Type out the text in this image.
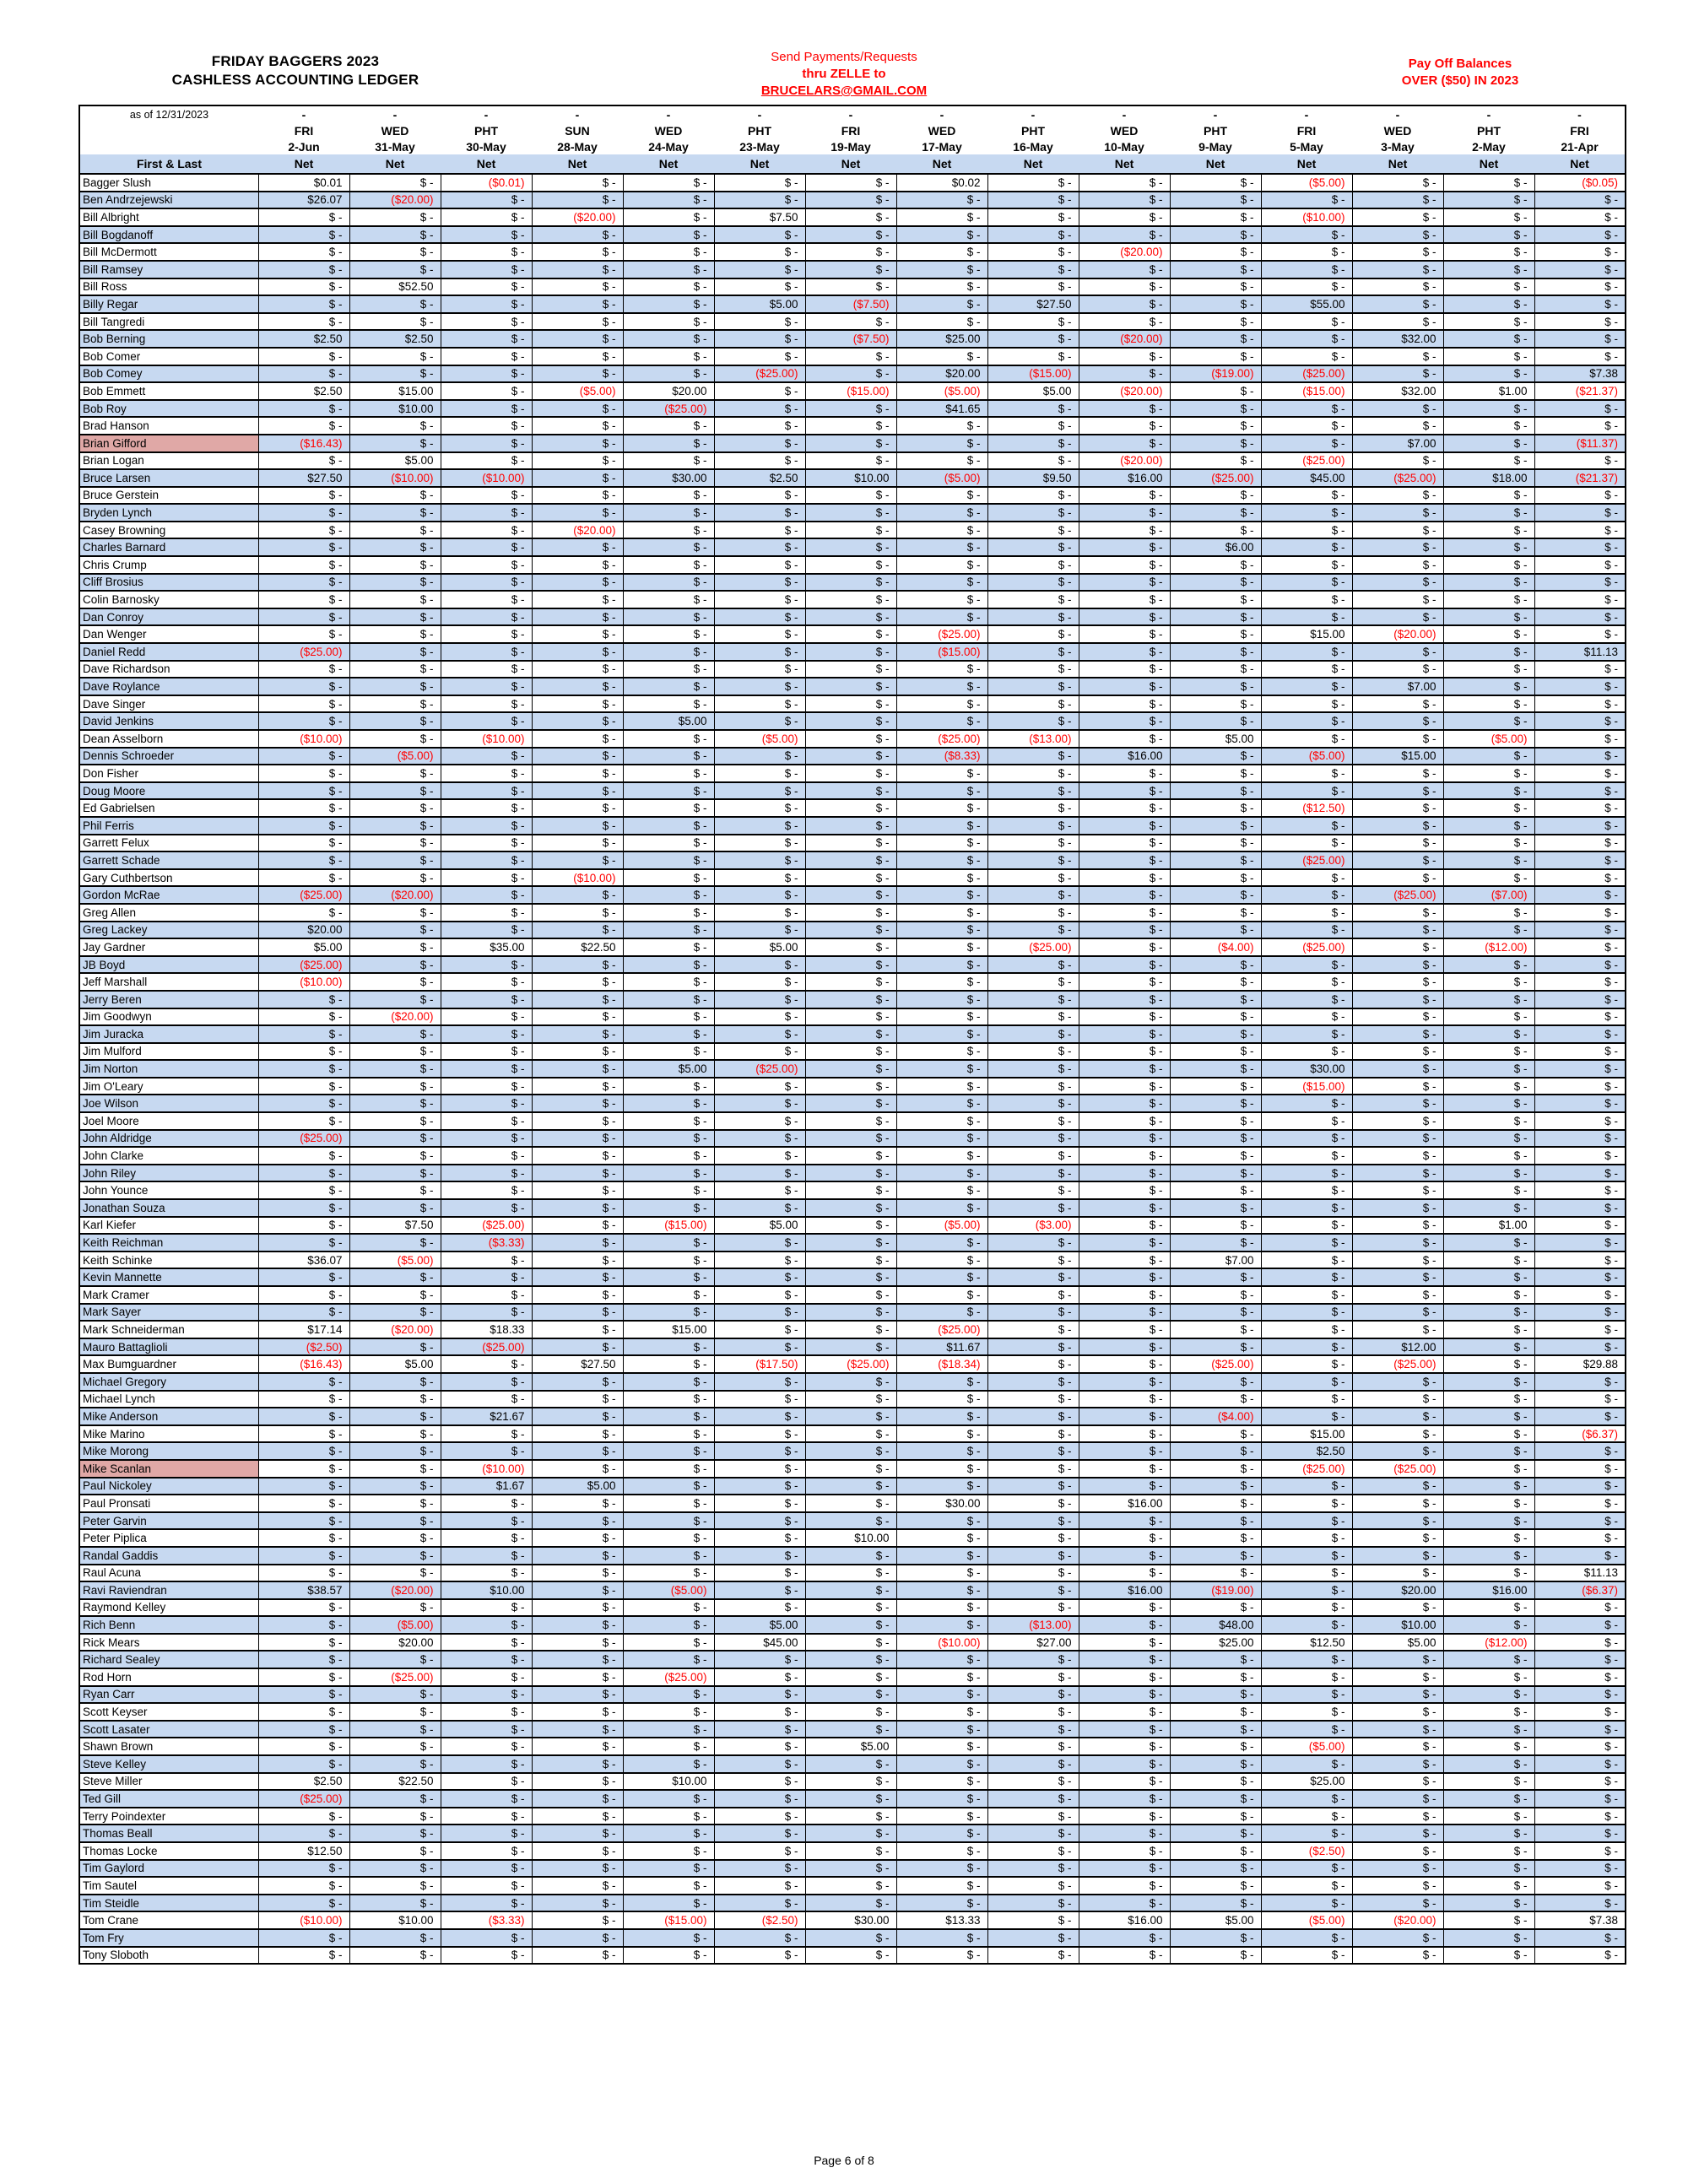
FRIDAY BAGGERS 2023
CASHLESS ACCOUNTING LEDGER
Send Payments/Requests
thru ZELLE to
BRUCELARS@GMAIL.COM
Pay Off Balances
OVER ($50) IN 2023
as of 12/31/2023	-	-	-	-	-	-	-	-	-	-	-	-	-	-	-
	FRI	WED	PHT	SUN	WED	PHT	FRI	WED	PHT	WED	PHT	FRI	WED	PHT	FRI
	2-Jun	31-May	30-May	28-May	24-May	23-May	19-May	17-May	16-May	10-May	9-May	5-May	3-May	2-May	21-Apr
First & Last	Net	Net	Net	Net	Net	Net	Net	Net	Net	Net	Net	Net	Net	Net	Net
Bagger Slush	$0.01	$ -	($0.01)	$ -	$ -	$ -	$ -	$0.02	$ -	$ -	$ -	($5.00)	$ -	$ -	($0.05)
Ben Andrzejewski	$26.07	($20.00)	$ -	$ -	$ -	$ -	$ -	$ -	$ -	$ -	$ -	$ -	$ -	$ -	$ -
Bill Albright	$ -	$ -	$ -	($20.00)	$ -	$7.50	$ -	$ -	$ -	$ -	$ -	($10.00)	$ -	$ -	$ -
Bill Bogdanoff	$ -	$ -	$ -	$ -	$ -	$ -	$ -	$ -	$ -	$ -	$ -	$ -	$ -	$ -	$ -
Bill McDermott	$ -	$ -	$ -	$ -	$ -	$ -	$ -	$ -	$ -	($20.00)	$ -	$ -	$ -	$ -	$ -
Bill Ramsey	$ -	$ -	$ -	$ -	$ -	$ -	$ -	$ -	$ -	$ -	$ -	$ -	$ -	$ -	$ -
Bill Ross	$ -	$52.50	$ -	$ -	$ -	$ -	$ -	$ -	$ -	$ -	$ -	$ -	$ -	$ -	$ -
Billy Regar	$ -	$ -	$ -	$ -	$ -	$5.00	($7.50)	$ -	$27.50	$ -	$ -	$55.00	$ -	$ -	$ -
Bill Tangredi	$ -	$ -	$ -	$ -	$ -	$ -	$ -	$ -	$ -	$ -	$ -	$ -	$ -	$ -	$ -
Bob Berning	$2.50	$2.50	$ -	$ -	$ -	$ -	($7.50)	$25.00	$ -	($20.00)	$ -	$ -	$32.00	$ -	$ -
Bob Comer	$ -	$ -	$ -	$ -	$ -	$ -	$ -	$ -	$ -	$ -	$ -	$ -	$ -	$ -	$ -
Bob Comey	$ -	$ -	$ -	$ -	$ -	($25.00)	$ -	$20.00	($15.00)	$ -	($19.00)	($25.00)	$ -	$ -	$7.38
Bob Emmett	$2.50	$15.00	$ -	($5.00)	$20.00	$ -	($15.00)	($5.00)	$5.00	($20.00)	$ -	($15.00)	$32.00	$1.00	($21.37)
Bob Roy	$ -	$10.00	$ -	$ -	($25.00)	$ -	$ -	$41.65	$ -	$ -	$ -	$ -	$ -	$ -	$ -
Brad Hanson	$ -	$ -	$ -	$ -	$ -	$ -	$ -	$ -	$ -	$ -	$ -	$ -	$ -	$ -	$ -
Brian Gifford	($16.43)	$ -	$ -	$ -	$ -	$ -	$ -	$ -	$ -	$ -	$ -	$ -	$7.00	$ -	($11.37)
Brian Logan	$ -	$5.00	$ -	$ -	$ -	$ -	$ -	$ -	$ -	($20.00)	$ -	($25.00)	$ -	$ -	$ -
Bruce Larsen	$27.50	($10.00)	($10.00)	$ -	$30.00	$2.50	$10.00	($5.00)	$9.50	$16.00	($25.00)	$45.00	($25.00)	$18.00	($21.37)
Bruce Gerstein	$ -	$ -	$ -	$ -	$ -	$ -	$ -	$ -	$ -	$ -	$ -	$ -	$ -	$ -	$ -
Bryden Lynch	$ -	$ -	$ -	$ -	$ -	$ -	$ -	$ -	$ -	$ -	$ -	$ -	$ -	$ -	$ -
Casey Browning	$ -	$ -	$ -	($20.00)	$ -	$ -	$ -	$ -	$ -	$ -	$ -	$ -	$ -	$ -	$ -
Charles Barnard	$ -	$ -	$ -	$ -	$ -	$ -	$ -	$ -	$ -	$ -	$6.00	$ -	$ -	$ -	$ -
Chris Crump	$ -	$ -	$ -	$ -	$ -	$ -	$ -	$ -	$ -	$ -	$ -	$ -	$ -	$ -	$ -
Cliff Brosius	$ -	$ -	$ -	$ -	$ -	$ -	$ -	$ -	$ -	$ -	$ -	$ -	$ -	$ -	$ -
Colin Barnosky	$ -	$ -	$ -	$ -	$ -	$ -	$ -	$ -	$ -	$ -	$ -	$ -	$ -	$ -	$ -
Dan Conroy	$ -	$ -	$ -	$ -	$ -	$ -	$ -	$ -	$ -	$ -	$ -	$ -	$ -	$ -	$ -
Dan Wenger	$ -	$ -	$ -	$ -	$ -	$ -	$ -	($25.00)	$ -	$ -	$ -	$15.00	($20.00)	$ -	$ -
Daniel Redd	($25.00)	$ -	$ -	$ -	$ -	$ -	$ -	($15.00)	$ -	$ -	$ -	$ -	$ -	$ -	$11.13
Dave Richardson	$ -	$ -	$ -	$ -	$ -	$ -	$ -	$ -	$ -	$ -	$ -	$ -	$ -	$ -	$ -
Dave Roylance	$ -	$ -	$ -	$ -	$ -	$ -	$ -	$ -	$ -	$ -	$ -	$ -	$7.00	$ -	$ -
Dave Singer	$ -	$ -	$ -	$ -	$ -	$ -	$ -	$ -	$ -	$ -	$ -	$ -	$ -	$ -	$ -
David Jenkins	$ -	$ -	$ -	$ -	$5.00	$ -	$ -	$ -	$ -	$ -	$ -	$ -	$ -	$ -	$ -
Dean Asselborn	($10.00)	$ -	($10.00)	$ -	$ -	($5.00)	$ -	($25.00)	($13.00)	$ -	$5.00	$ -	$ -	($5.00)	$ -
Dennis Schroeder	$ -	($5.00)	$ -	$ -	$ -	$ -	$ -	($8.33)	$ -	$16.00	$ -	($5.00)	$15.00	$ -	$ -
Don Fisher	$ -	$ -	$ -	$ -	$ -	$ -	$ -	$ -	$ -	$ -	$ -	$ -	$ -	$ -	$ -
Doug Moore	$ -	$ -	$ -	$ -	$ -	$ -	$ -	$ -	$ -	$ -	$ -	$ -	$ -	$ -	$ -
Ed Gabrielsen	$ -	$ -	$ -	$ -	$ -	$ -	$ -	$ -	$ -	$ -	$ -	($12.50)	$ -	$ -	$ -
Phil Ferris	$ -	$ -	$ -	$ -	$ -	$ -	$ -	$ -	$ -	$ -	$ -	$ -	$ -	$ -	$ -
Garrett Felux	$ -	$ -	$ -	$ -	$ -	$ -	$ -	$ -	$ -	$ -	$ -	$ -	$ -	$ -	$ -
Garrett Schade	$ -	$ -	$ -	$ -	$ -	$ -	$ -	$ -	$ -	$ -	$ -	($25.00)	$ -	$ -	$ -
Gary Cuthbertson	$ -	$ -	$ -	($10.00)	$ -	$ -	$ -	$ -	$ -	$ -	$ -	$ -	$ -	$ -	$ -
Gordon McRae	($25.00)	($20.00)	$ -	$ -	$ -	$ -	$ -	$ -	$ -	$ -	$ -	$ -	($25.00)	($7.00)	$ -
Greg Allen	$ -	$ -	$ -	$ -	$ -	$ -	$ -	$ -	$ -	$ -	$ -	$ -	$ -	$ -	$ -
Greg Lackey	$20.00	$ -	$ -	$ -	$ -	$ -	$ -	$ -	$ -	$ -	$ -	$ -	$ -	$ -	$ -
Jay Gardner	$5.00	$ -	$35.00	$22.50	$ -	$5.00	$ -	$ -	($25.00)	$ -	($4.00)	($25.00)	$ -	($12.00)	$ -
JB Boyd	($25.00)	$ -	$ -	$ -	$ -	$ -	$ -	$ -	$ -	$ -	$ -	$ -	$ -	$ -	$ -
Jeff Marshall	($10.00)	$ -	$ -	$ -	$ -	$ -	$ -	$ -	$ -	$ -	$ -	$ -	$ -	$ -	$ -
Jerry Beren	$ -	$ -	$ -	$ -	$ -	$ -	$ -	$ -	$ -	$ -	$ -	$ -	$ -	$ -	$ -
Jim Goodwyn	$ -	($20.00)	$ -	$ -	$ -	$ -	$ -	$ -	$ -	$ -	$ -	$ -	$ -	$ -	$ -
Jim Juracka	$ -	$ -	$ -	$ -	$ -	$ -	$ -	$ -	$ -	$ -	$ -	$ -	$ -	$ -	$ -
Jim Mulford	$ -	$ -	$ -	$ -	$ -	$ -	$ -	$ -	$ -	$ -	$ -	$ -	$ -	$ -	$ -
Jim Norton	$ -	$ -	$ -	$ -	$5.00	($25.00)	$ -	$ -	$ -	$ -	$ -	$30.00	$ -	$ -	$ -
Jim O'Leary	$ -	$ -	$ -	$ -	$ -	$ -	$ -	$ -	$ -	$ -	$ -	($15.00)	$ -	$ -	$ -
Joe Wilson	$ -	$ -	$ -	$ -	$ -	$ -	$ -	$ -	$ -	$ -	$ -	$ -	$ -	$ -	$ -
Joel Moore	$ -	$ -	$ -	$ -	$ -	$ -	$ -	$ -	$ -	$ -	$ -	$ -	$ -	$ -	$ -
John Aldridge	($25.00)	$ -	$ -	$ -	$ -	$ -	$ -	$ -	$ -	$ -	$ -	$ -	$ -	$ -	$ -
John Clarke	$ -	$ -	$ -	$ -	$ -	$ -	$ -	$ -	$ -	$ -	$ -	$ -	$ -	$ -	$ -
John Riley	$ -	$ -	$ -	$ -	$ -	$ -	$ -	$ -	$ -	$ -	$ -	$ -	$ -	$ -	$ -
John Younce	$ -	$ -	$ -	$ -	$ -	$ -	$ -	$ -	$ -	$ -	$ -	$ -	$ -	$ -	$ -
Jonathan Souza	$ -	$ -	$ -	$ -	$ -	$ -	$ -	$ -	$ -	$ -	$ -	$ -	$ -	$ -	$ -
Karl Kiefer	$ -	$7.50	($25.00)	$ -	($15.00)	$5.00	$ -	($5.00)	($3.00)	$ -	$ -	$ -	$ -	$1.00	$ -
Keith Reichman	$ -	$ -	($3.33)	$ -	$ -	$ -	$ -	$ -	$ -	$ -	$ -	$ -	$ -	$ -	$ -
Keith Schinke	$36.07	($5.00)	$ -	$ -	$ -	$ -	$ -	$ -	$ -	$ -	$7.00	$ -	$ -	$ -	$ -
Kevin Mannette	$ -	$ -	$ -	$ -	$ -	$ -	$ -	$ -	$ -	$ -	$ -	$ -	$ -	$ -	$ -
Mark Cramer	$ -	$ -	$ -	$ -	$ -	$ -	$ -	$ -	$ -	$ -	$ -	$ -	$ -	$ -	$ -
Mark Sayer	$ -	$ -	$ -	$ -	$ -	$ -	$ -	$ -	$ -	$ -	$ -	$ -	$ -	$ -	$ -
Mark Schneiderman	$17.14	($20.00)	$18.33	$ -	$15.00	$ -	$ -	($25.00)	$ -	$ -	$ -	$ -	$ -	$ -	$ -
Mauro Battaglioli	($2.50)	$ -	($25.00)	$ -	$ -	$ -	$ -	$11.67	$ -	$ -	$ -	$ -	$12.00	$ -	$ -
Max Bumguardner	($16.43)	$5.00	$ -	$27.50	$ -	($17.50)	($25.00)	($18.34)	$ -	$ -	($25.00)	$ -	($25.00)	$ -	$29.88
Michael Gregory	$ -	$ -	$ -	$ -	$ -	$ -	$ -	$ -	$ -	$ -	$ -	$ -	$ -	$ -	$ -
Michael Lynch	$ -	$ -	$ -	$ -	$ -	$ -	$ -	$ -	$ -	$ -	$ -	$ -	$ -	$ -	$ -
Mike Anderson	$ -	$ -	$21.67	$ -	$ -	$ -	$ -	$ -	$ -	$ -	($4.00)	$ -	$ -	$ -	$ -
Mike Marino	$ -	$ -	$ -	$ -	$ -	$ -	$ -	$ -	$ -	$ -	$ -	$15.00	$ -	$ -	($6.37)
Mike Morong	$ -	$ -	$ -	$ -	$ -	$ -	$ -	$ -	$ -	$ -	$ -	$2.50	$ -	$ -	$ -
Mike Scanlan	$ -	$ -	($10.00)	$ -	$ -	$ -	$ -	$ -	$ -	$ -	$ -	($25.00)	($25.00)	$ -	$ -
Paul Nickoley	$ -	$ -	$1.67	$5.00	$ -	$ -	$ -	$ -	$ -	$ -	$ -	$ -	$ -	$ -	$ -
Paul Pronsati	$ -	$ -	$ -	$ -	$ -	$ -	$ -	$30.00	$ -	$16.00	$ -	$ -	$ -	$ -	$ -
Peter Garvin	$ -	$ -	$ -	$ -	$ -	$ -	$ -	$ -	$ -	$ -	$ -	$ -	$ -	$ -	$ -
Peter Piplica	$ -	$ -	$ -	$ -	$ -	$ -	$10.00	$ -	$ -	$ -	$ -	$ -	$ -	$ -	$ -
Randal Gaddis	$ -	$ -	$ -	$ -	$ -	$ -	$ -	$ -	$ -	$ -	$ -	$ -	$ -	$ -	$ -
Raul Acuna	$ -	$ -	$ -	$ -	$ -	$ -	$ -	$ -	$ -	$ -	$ -	$ -	$ -	$ -	$11.13
Ravi Raviendran	$38.57	($20.00)	$10.00	$ -	($5.00)	$ -	$ -	$ -	$ -	$16.00	($19.00)	$ -	$20.00	$16.00	($6.37)
Raymond Kelley	$ -	$ -	$ -	$ -	$ -	$ -	$ -	$ -	$ -	$ -	$ -	$ -	$ -	$ -	$ -
Rich Benn	$ -	($5.00)	$ -	$ -	$ -	$5.00	$ -	$ -	($13.00)	$ -	$48.00	$ -	$10.00	$ -	$ -
Rick Mears	$ -	$20.00	$ -	$ -	$ -	$45.00	$ -	($10.00)	$27.00	$ -	$25.00	$12.50	$5.00	($12.00)	$ -
Richard Sealey	$ -	$ -	$ -	$ -	$ -	$ -	$ -	$ -	$ -	$ -	$ -	$ -	$ -	$ -	$ -
Rod Horn	$ -	($25.00)	$ -	$ -	($25.00)	$ -	$ -	$ -	$ -	$ -	$ -	$ -	$ -	$ -	$ -
Ryan Carr	$ -	$ -	$ -	$ -	$ -	$ -	$ -	$ -	$ -	$ -	$ -	$ -	$ -	$ -	$ -
Scott Keyser	$ -	$ -	$ -	$ -	$ -	$ -	$ -	$ -	$ -	$ -	$ -	$ -	$ -	$ -	$ -
Scott Lasater	$ -	$ -	$ -	$ -	$ -	$ -	$ -	$ -	$ -	$ -	$ -	$ -	$ -	$ -	$ -
Shawn Brown	$ -	$ -	$ -	$ -	$ -	$ -	$5.00	$ -	$ -	$ -	$ -	($5.00)	$ -	$ -	$ -
Steve Kelley	$ -	$ -	$ -	$ -	$ -	$ -	$ -	$ -	$ -	$ -	$ -	$ -	$ -	$ -	$ -
Steve Miller	$2.50	$22.50	$ -	$ -	$10.00	$ -	$ -	$ -	$ -	$ -	$ -	$25.00	$ -	$ -	$ -
Ted Gill	($25.00)	$ -	$ -	$ -	$ -	$ -	$ -	$ -	$ -	$ -	$ -	$ -	$ -	$ -	$ -
Terry Poindexter	$ -	$ -	$ -	$ -	$ -	$ -	$ -	$ -	$ -	$ -	$ -	$ -	$ -	$ -	$ -
Thomas Beall	$ -	$ -	$ -	$ -	$ -	$ -	$ -	$ -	$ -	$ -	$ -	$ -	$ -	$ -	$ -
Thomas Locke	$12.50	$ -	$ -	$ -	$ -	$ -	$ -	$ -	$ -	$ -	$ -	($2.50)	$ -	$ -	$ -
Tim Gaylord	$ -	$ -	$ -	$ -	$ -	$ -	$ -	$ -	$ -	$ -	$ -	$ -	$ -	$ -	$ -
Tim Sautel	$ -	$ -	$ -	$ -	$ -	$ -	$ -	$ -	$ -	$ -	$ -	$ -	$ -	$ -	$ -
Tim Steidle	$ -	$ -	$ -	$ -	$ -	$ -	$ -	$ -	$ -	$ -	$ -	$ -	$ -	$ -	$ -
Tom Crane	($10.00)	$10.00	($3.33)	$ -	($15.00)	($2.50)	$30.00	$13.33	$ -	$16.00	$5.00	($5.00)	($20.00)	$ -	$7.38
Tom Fry	$ -	$ -	$ -	$ -	$ -	$ -	$ -	$ -	$ -	$ -	$ -	$ -	$ -	$ -	$ -
Tony Sloboth	$ -	$ -	$ -	$ -	$ -	$ -	$ -	$ -	$ -	$ -	$ -	$ -	$ -	$ -	$ -
Page 6 of 8
